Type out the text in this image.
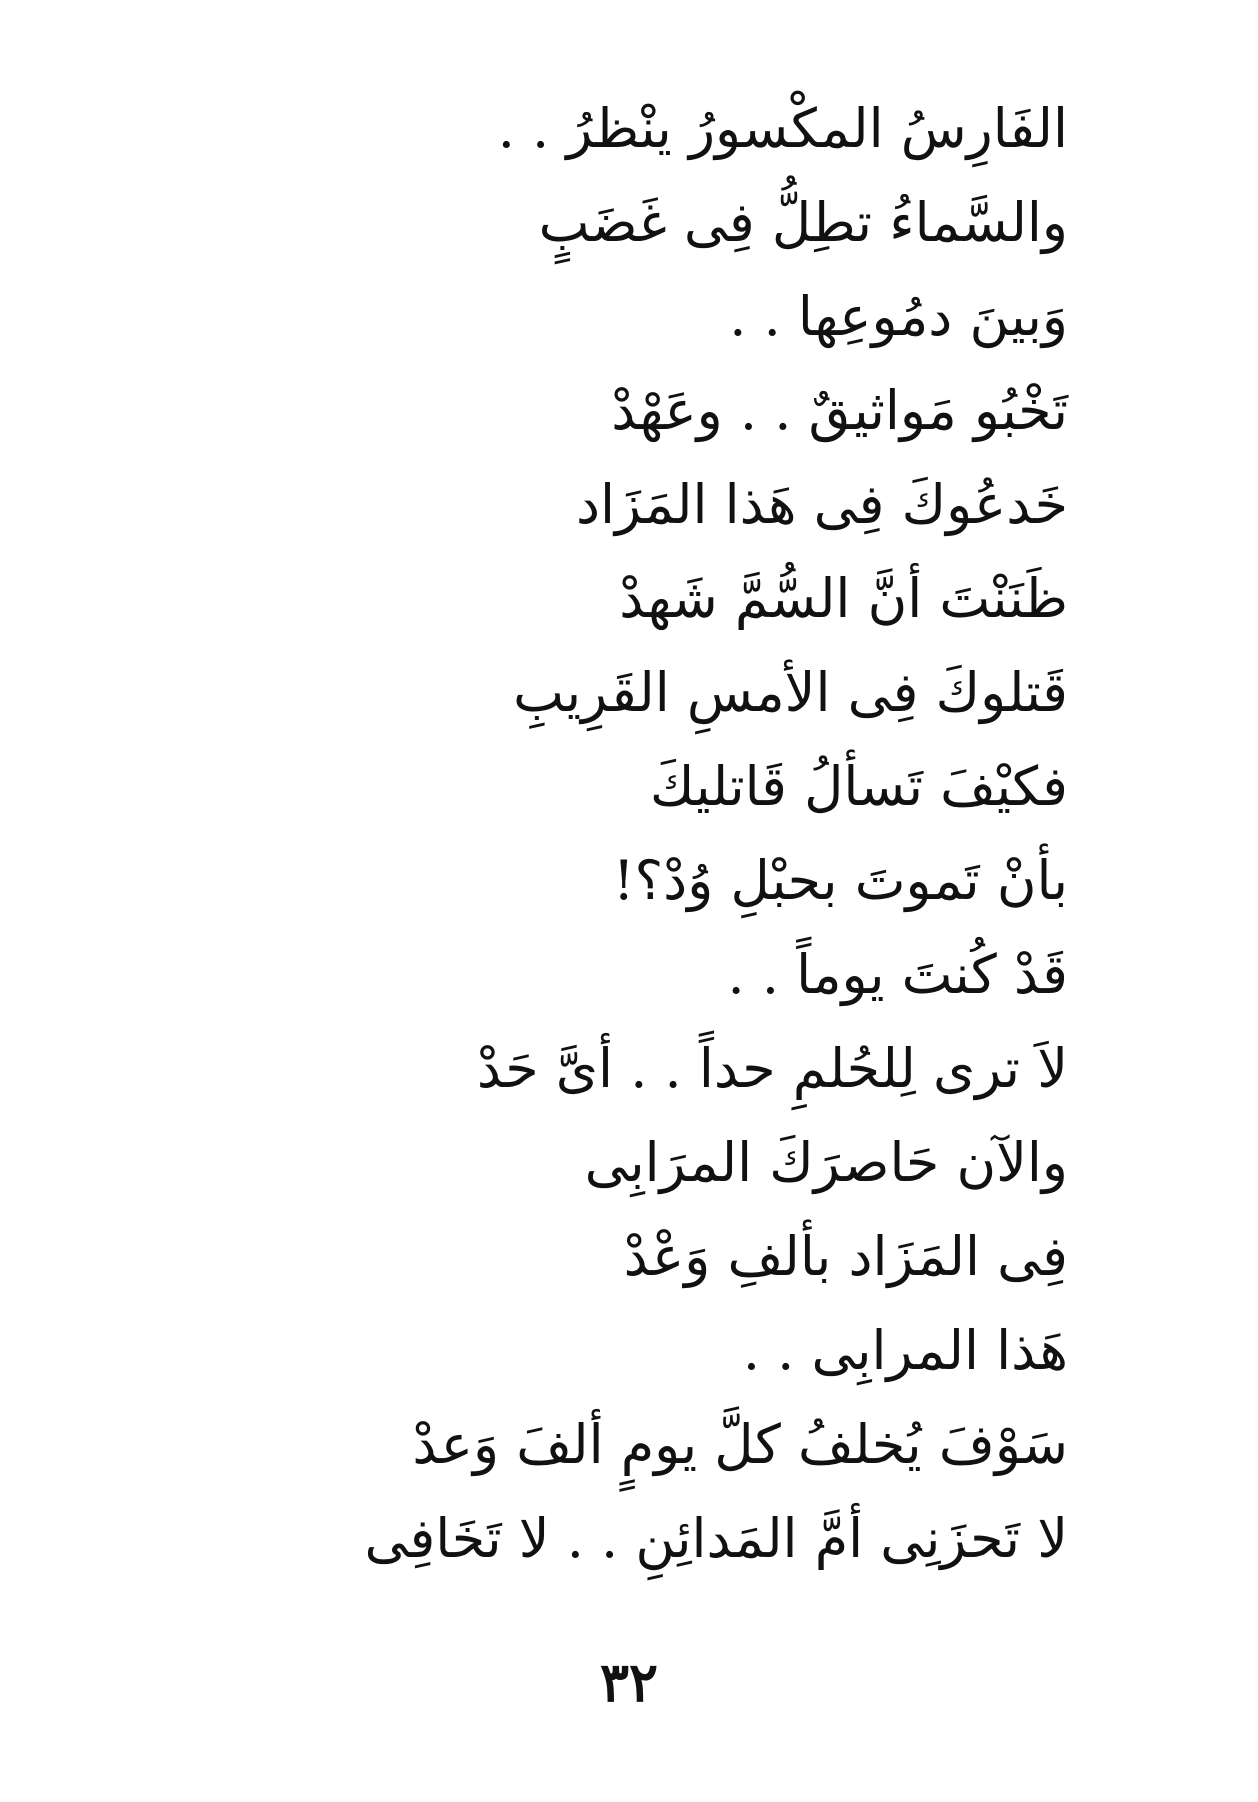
الفَارِسُ المكْسورُ ينْظرُ . .
والسَّماءُ تطِلُّ فِى غَضَبٍ
وَبينَ دمُوعِها . .
تَخْبُو مَواثيقٌ . . وعَهْدْ
خَدعُوكَ فِى هَذا المَزَاد
ظَنَنْتَ أنَّ السُّمَّ شَهدْ
قَتلوكَ فِى الأمسِ القَرِيبِ
فكيْفَ تَسألُ قَاتليكَ
بأنْ تَموتَ بحبْلِ وُدْ؟!
قَدْ كُنتَ يوماً . .
لاَ ترى لِلحُلمِ حداً . . أىَّ حَدْ
والآن حَاصرَكَ المرَابِى
فِى المَزَاد بألفِ وَعْدْ
هَذا المرابِى . .
سَوْفَ يُخلفُ كلَّ يومٍ ألفَ وَعدْ
لا تَحزَنِى أمَّ المَدائِنِ . . لا تَخَافِى
٣٢
